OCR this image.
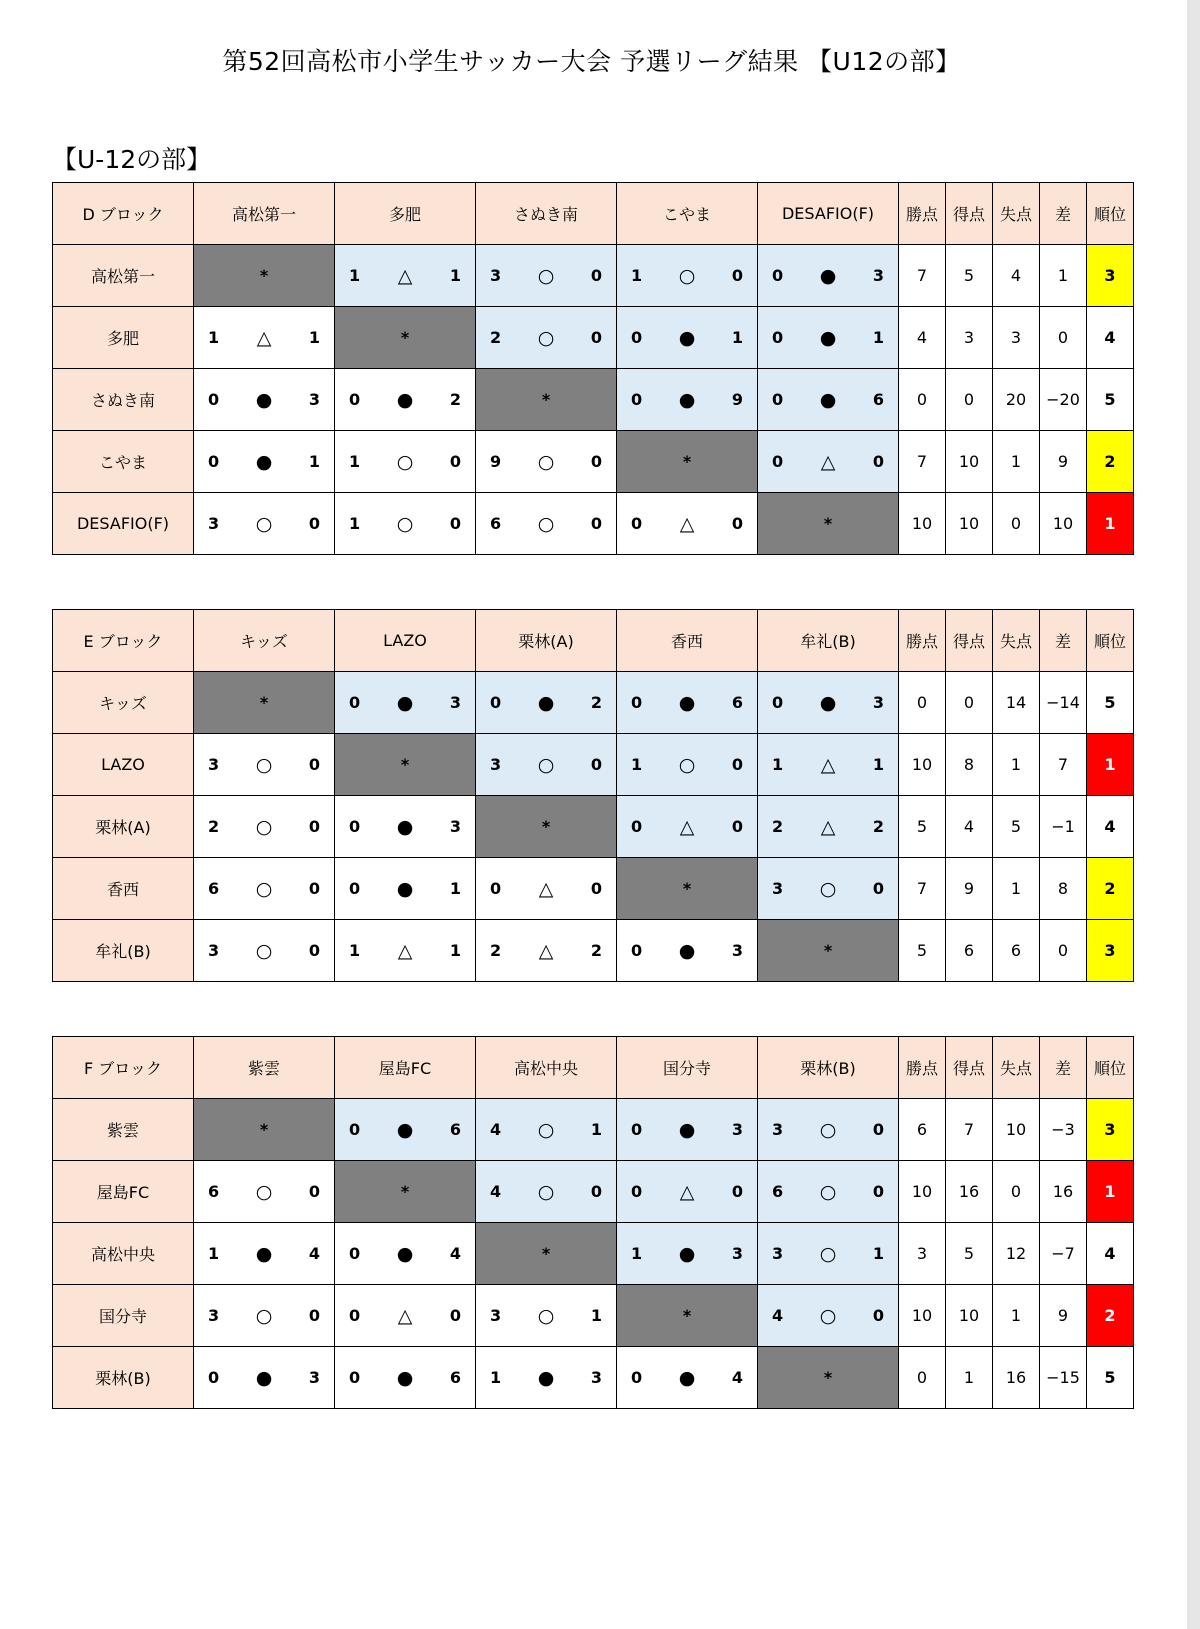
第52回高松市小学生サッカー大会 予選リーグ結果 【U12の部】
【U-12の部】
D ブロック	高松第一	多肥	さぬき南	こやま	DESAFIO(F)	勝点	得点	失点	差	順位
高松第一	*	1 △ 1	3 ○ 0	1 ○ 0	0 ● 3	7	5	4	1	3
多肥	1 △ 1	*	2 ○ 0	0 ● 1	0 ● 1	4	3	3	0	4
さぬき南	0 ● 3	0 ● 2	*	0 ● 9	0 ● 6	0	0	20	−20	5
こやま	0 ● 1	1 ○ 0	9 ○ 0	*	0 △ 0	7	10	1	9	2
DESAFIO(F)	3 ○ 0	1 ○ 0	6 ○ 0	0 △ 0	*	10	10	0	10	1
E ブロック	キッズ	LAZO	栗林(A)	香西	牟礼(B)	勝点	得点	失点	差	順位
キッズ	*	0 ● 3	0 ● 2	0 ● 6	0 ● 3	0	0	14	−14	5
LAZO	3 ○ 0	*	3 ○ 0	1 ○ 0	1 △ 1	10	8	1	7	1
栗林(A)	2 ○ 0	0 ● 3	*	0 △ 0	2 △ 2	5	4	5	−1	4
香西	6 ○ 0	0 ● 1	0 △ 0	*	3 ○ 0	7	9	1	8	2
牟礼(B)	3 ○ 0	1 △ 1	2 △ 2	0 ● 3	*	5	6	6	0	3
F ブロック	紫雲	屋島FC	高松中央	国分寺	栗林(B)	勝点	得点	失点	差	順位
紫雲	*	0 ● 6	4 ○ 1	0 ● 3	3 ○ 0	6	7	10	−3	3
屋島FC	6 ○ 0	*	4 ○ 0	0 △ 0	6 ○ 0	10	16	0	16	1
高松中央	1 ● 4	0 ● 4	*	1 ● 3	3 ○ 1	3	5	12	−7	4
国分寺	3 ○ 0	0 △ 0	3 ○ 1	*	4 ○ 0	10	10	1	9	2
栗林(B)	0 ● 3	0 ● 6	1 ● 3	0 ● 4	*	0	1	16	−15	5
